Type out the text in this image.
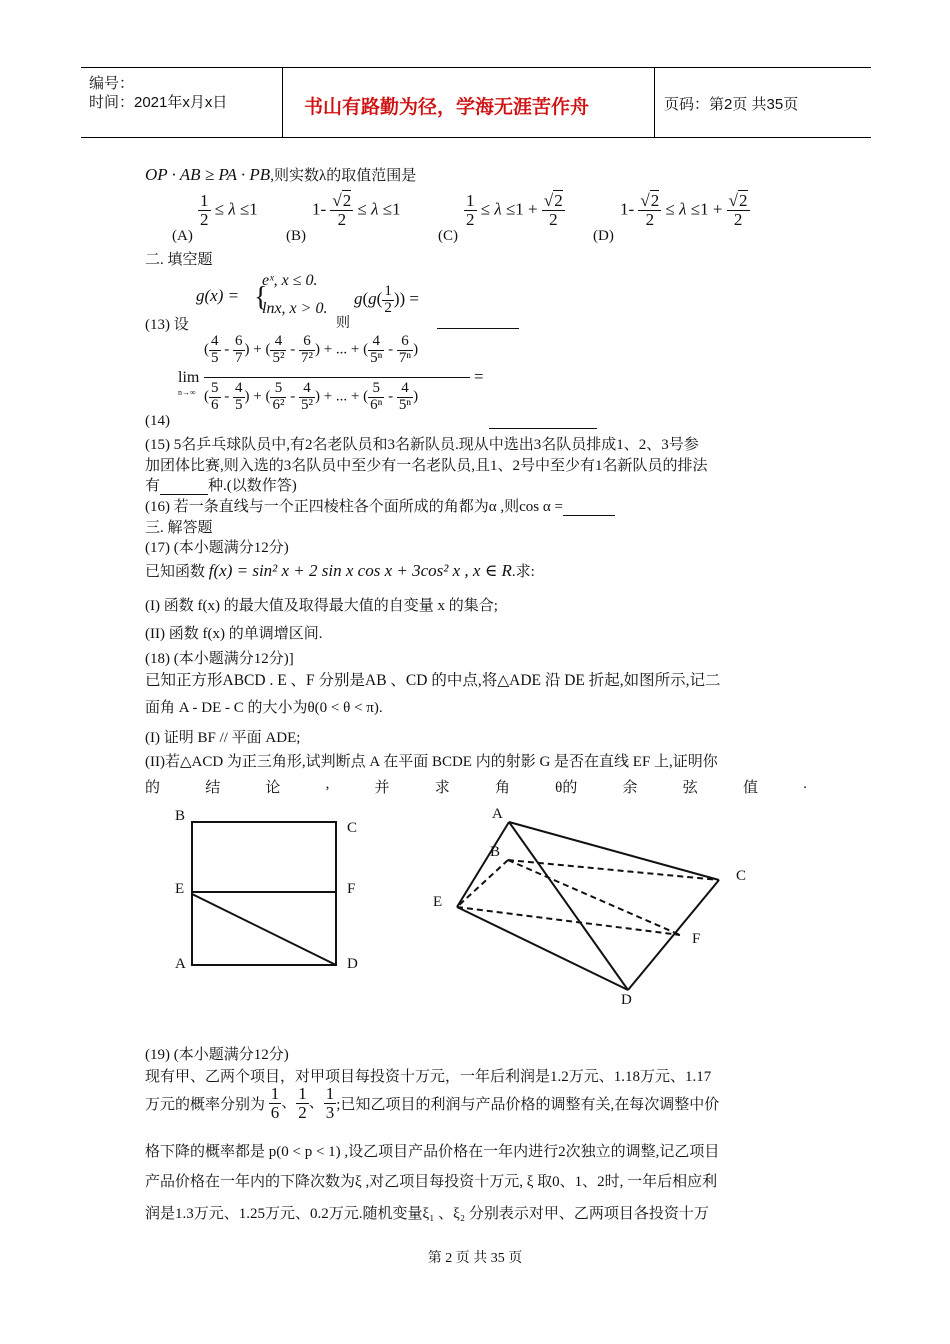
编号：
时间：2021年x月x日	书山有路勤为径，学海无涯苦作舟	页码：第2页 共35页
OP · AB ≥ PA · PB,则实数λ的取值范围是
(A)
$\frac{1}{2} \le \lambda \le 1$
(B)
$1- \frac{√2}{2} \le \lambda \le 1$
(C)
$\frac{1}{2} \le \lambda \le 1 + \frac{√2}{2}$
(D)
$1- \frac{√2}{2} \le \lambda \le 1 + \frac{√2}{2}$
二. 填空题
(13) 设
g(x) = {
eˣ, x ≤ 0.
lnx, x > 0.
则
$g(g( \frac{1}{2}$ )) =
(14)
lim
n→∞
( $\frac{4}{5} - \frac{6}{7}$ ) + ( $\frac{4}{\text{5²}} - \frac{6}{\text{7²}}$ ) + ... + ( $\frac{4}{\text{5ⁿ}} - \frac{6}{\text{7ⁿ}}$ )
( $\frac{5}{6} - \frac{4}{5}$ ) + ( $\frac{5}{\text{6²}} - \frac{4}{\text{5²}}$ ) + ... + ( $\frac{5}{\text{6ⁿ}} - \frac{4}{\text{5ⁿ}}$ )
=
(15) 5名乒乓球队员中,有2名老队员和3名新队员.现从中选出3名队员排成1、2、3号参
加团体比赛,则入选的3名队员中至少有一名老队员,且1、2号中至少有1名新队员的排法
有	种.(以数作答)
(16) 若一条直线与一个正四棱柱各个面所成的角都为α ,则cos α =
三. 解答题
(17) (本小题满分12分)
已知函数 f(x) = sin² x + 2 sin x cos x + 3cos² x , x ∈ R.求:
(I) 函数 f(x) 的最大值及取得最大值的自变量 x 的集合;
(II) 函数 f(x) 的单调增区间.
(18) (本小题满分12分)]
已知正方形ABCD . E 、F 分别是AB 、CD 的中点,将△ADE 沿 DE 折起,如图所示,记二
面角 A - DE - C 的大小为θ(0 < θ < π).
(I) 证明 BF // 平面 ADE;
(II)若△ACD 为正三角形,试判断点 A 在平面 BCDE 内的射影 G 是否在直线 EF 上,证明你
的	结	论	,	并	求	角	θ的	余	弦	值	.
B
C
E	F
A	D
A
B
C
E
F
D
(19) (本小题满分12分)
现有甲、乙两个项目，对甲项目每投资十万元，一年后利润是1.2万元、1.18万元、1.17
万元的概率分别为 $\frac{1}{6}$ 、 $\frac{1}{2}$ 、 $\frac{1}{3}$ ;已知乙项目的利润与产品价格的调整有关,在每次调整中价
格下降的概率都是 p(0 < p < 1) ,设乙项目产品价格在一年内进行2次独立的调整,记乙项目
产品价格在一年内的下降次数为ξ ,对乙项目每投资十万元, ξ 取0、1、2时, 一年后相应利
润是1.3万元、1.25万元、0.2万元.随机变量ξ₁ 、ξ₂ 分别表示对甲、乙两项目各投资十万
第 2 页 共 35 页
